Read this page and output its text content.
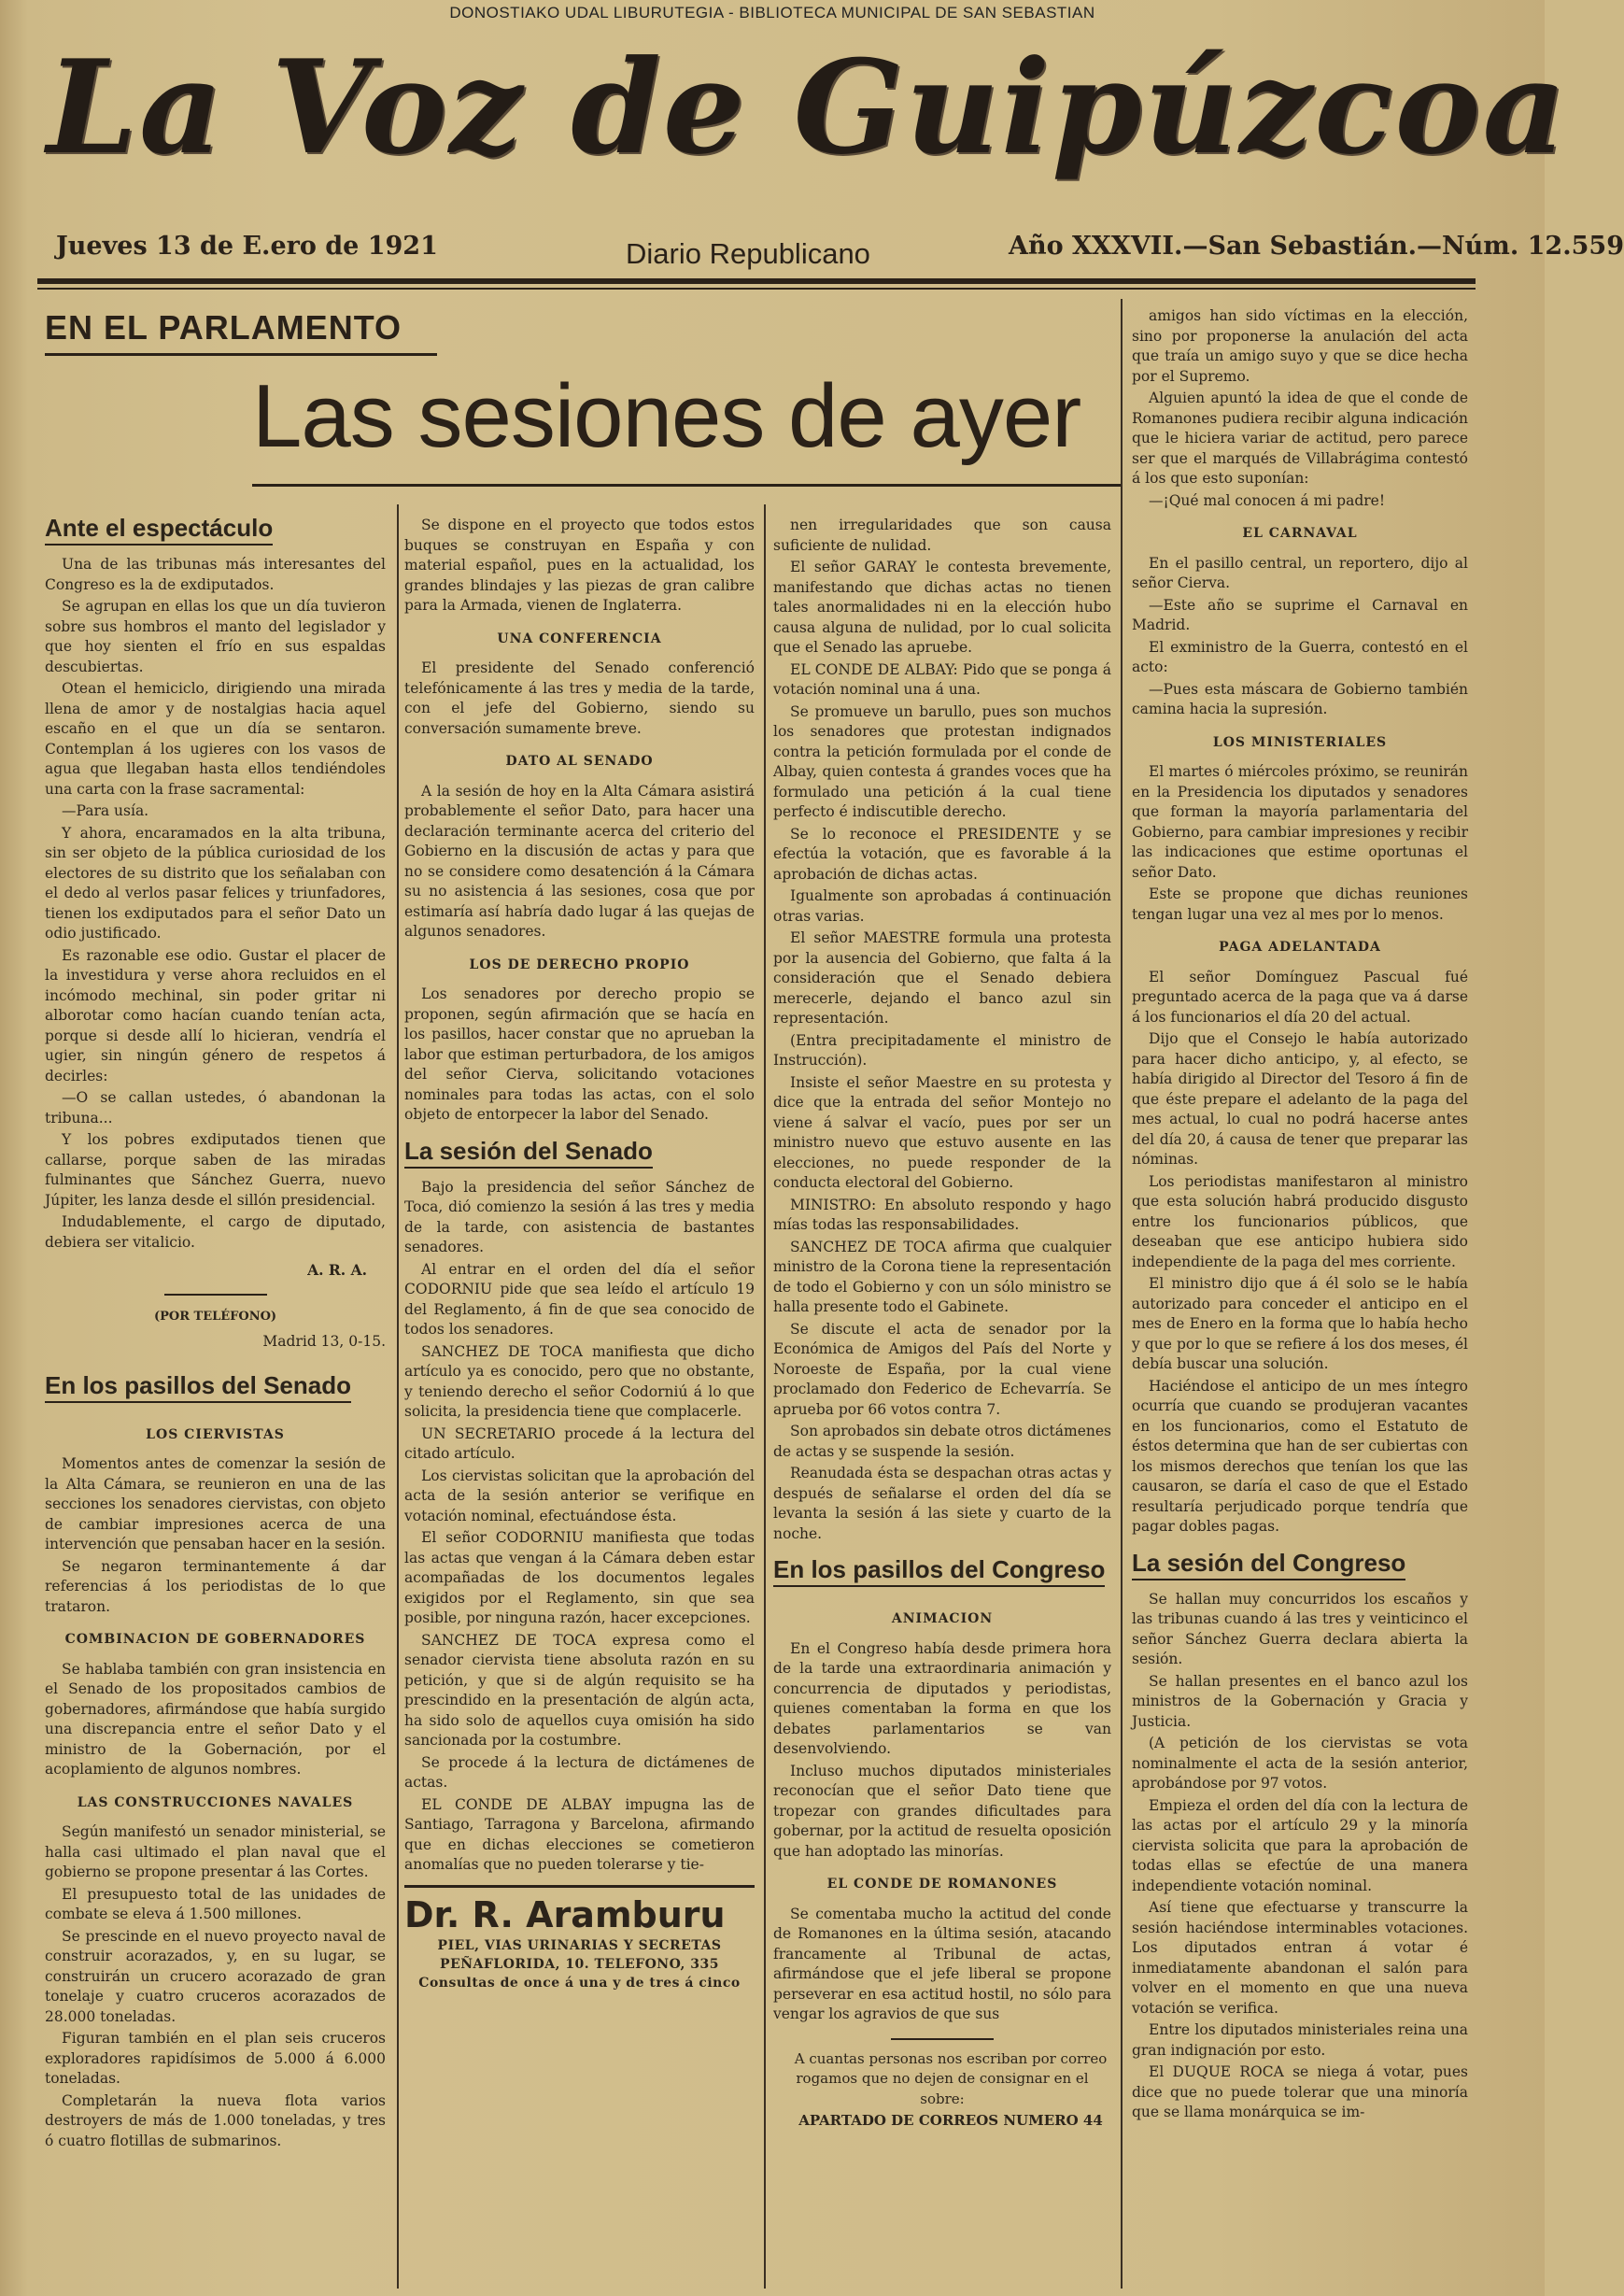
DONOSTIAKO UDAL LIBURUTEGIA - BIBLIOTECA MUNICIPAL DE SAN SEBASTIAN
La Voz de Guipúzcoa
Jueves 13 de E.ero de 1921	Diario Republicano	Año XXXVII.—San Sebastián.—Núm. 12.559
EN EL PARLAMENTO
Las sesiones de ayer
Ante el espectáculo

Una de las tribunas más interesantes del Congreso es la de exdiputados.

Se agrupan en ellas los que un día tuvieron sobre sus hombros el manto del legislador y que hoy sienten el frío en sus espaldas descubiertas.

Otean el hemiciclo, dirigiendo una mirada llena de amor y de nostalgias hacia aquel escaño en el que un día se sentaron. Contemplan á los ugieres con los vasos de agua que llegaban hasta ellos tendiéndoles una carta con la frase sacramental:

—Para usía.

Y ahora, encaramados en la alta tribuna, sin ser objeto de la pública curiosidad de los electores de su distrito que los señalaban con el dedo al verlos pasar felices y triunfadores, tienen los exdiputados para el señor Dato un odio justificado.

Es razonable ese odio. Gustar el placer de la investidura y verse ahora recluidos en el incómodo mechinal, sin poder gritar ni alborotar como hacían cuando tenían acta, porque si desde allí lo hicieran, vendría el ugier, sin ningún género de respetos á decirles:

—O se callan ustedes, ó abandonan la tribuna...

Y los pobres exdiputados tienen que callarse, porque saben de las miradas fulminantes que Sánchez Guerra, nuevo Júpiter, les lanza desde el sillón presidencial.

Indudablemente, el cargo de diputado, debiera ser vitalicio.

A. R. A.
(POR TELÉFONO)
Madrid 13, 0-15.
En los pasillos del Senado
LOS CIERVISTAS

Momentos antes de comenzar la sesión de la Alta Cámara, se reunieron en una de las secciones los senadores ciervistas, con objeto de cambiar impresiones acerca de una intervención que pensaban hacer en la sesión.

Se negaron terminantemente á dar referencias á los periodistas de lo que trataron.

COMBINACION DE GOBERNADORES

Se hablaba también con gran insistencia en el Senado de los propositados cambios de gobernadores, afirmándose que había surgido una discrepancia entre el señor Dato y el ministro de la Gobernación, por el acoplamiento de algunos nombres.

LAS CONSTRUCCIONES NAVALES

Según manifestó un senador ministerial, se halla casi ultimado el plan naval que el gobierno se propone presentar á las Cortes.

El presupuesto total de las unidades de combate se eleva á 1.500 millones.

Se prescinde en el nuevo proyecto naval de construir acorazados, y, en su lugar, se construirán un crucero acorazado de gran tonelaje y cuatro cruceros acorazados de 28.000 toneladas.

Figuran también en el plan seis cruceros exploradores rapidísimos de 5.000 á 6.000 toneladas.

Completarán la nueva flota varios destroyers de más de 1.000 toneladas, y tres ó cuatro flotillas de submarinos.

Se dispone en el proyecto que todos estos buques se construyan en España y con material español, pues en la actualidad, los grandes blindajes y las piezas de gran calibre para la Armada, vienen de Inglaterra.

UNA CONFERENCIA

El presidente del Senado conferenció telefónicamente á las tres y media de la tarde, con el jefe del Gobierno, siendo su conversación sumamente breve.

DATO AL SENADO

A la sesión de hoy en la Alta Cámara asistirá probablemente el señor Dato, para hacer una declaración terminante acerca del criterio del Gobierno en la discusión de actas y para que no se considere como desatención á la Cámara su no asistencia á las sesiones, cosa que por estimaría así habría dado lugar á las quejas de algunos senadores.

LOS DE DERECHO PROPIO

Los senadores por derecho propio se proponen, según afirmación que se hacía en los pasillos, hacer constar que no aprueban la labor que estiman perturbadora, de los amigos del señor Cierva, solicitando votaciones nominales para todas las actas, con el solo objeto de entorpecer la labor del Senado.

La sesión del Senado

Bajo la presidencia del señor Sánchez de Toca, dió comienzo la sesión á las tres y media de la tarde, con asistencia de bastantes senadores.

Al entrar en el orden del día el señor CODORNIU pide que sea leído el artículo 19 del Reglamento, á fin de que sea conocido de todos los senadores.

SANCHEZ DE TOCA manifiesta que dicho artículo ya es conocido, pero que no obstante, y teniendo derecho el señor Codorniú á lo que solicita, la presidencia tiene que complacerle.

UN SECRETARIO procede á la lectura del citado artículo.

Los ciervistas solicitan que la aprobación del acta de la sesión anterior se verifique en votación nominal, efectuándose ésta.

El señor CODORNIU manifiesta que todas las actas que vengan á la Cámara deben estar acompañadas de los documentos legales exigidos por el Reglamento, sin que sea posible, por ninguna razón, hacer excepciones.

SANCHEZ DE TOCA expresa como el senador ciervista tiene absoluta razón en su petición, y que si de algún requisito se ha prescindido en la presentación de algún acta, ha sido solo de aquellos cuya omisión ha sido sancionada por la costumbre.

Se procede á la lectura de dictámenes de actas.

EL CONDE DE ALBAY impugna las de Santiago, Tarragona y Barcelona, afirmando que en dichas elecciones se cometieron anomalías que no pueden tolerarse y tie-

Dr. R. Aramburu
PIEL, VIAS URINARIAS Y SECRETAS
PEÑAFLORIDA, 10. TELEFONO, 335
Consultas de once á una y de tres á cinco

nen irregularidades que son causa suficiente de nulidad.

El señor GARAY le contesta brevemente, manifestando que dichas actas no tienen tales anormalidades ni en la elección hubo causa alguna de nulidad, por lo cual solicita que el Senado las apruebe.

EL CONDE DE ALBAY: Pido que se ponga á votación nominal una á una.

Se promueve un barullo, pues son muchos los senadores que protestan indignados contra la petición formulada por el conde de Albay, quien contesta á grandes voces que ha formulado una petición á la cual tiene perfecto é indiscutible derecho.

Se lo reconoce el PRESIDENTE y se efectúa la votación, que es favorable á la aprobación de dichas actas.

Igualmente son aprobadas á continuación otras varias.

El señor MAESTRE formula una protesta por la ausencia del Gobierno, que falta á la consideración que el Senado debiera merecerle, dejando el banco azul sin representación.

(Entra precipitadamente el ministro de Instrucción).

Insiste el señor Maestre en su protesta y dice que la entrada del señor Montejo no viene á salvar el vacío, pues por ser un ministro nuevo que estuvo ausente en las elecciones, no puede responder de la conducta electoral del Gobierno.

MINISTRO: En absoluto respondo y hago mías todas las responsabilidades.

SANCHEZ DE TOCA afirma que cualquier ministro de la Corona tiene la representación de todo el Gobierno y con un sólo ministro se halla presente todo el Gabinete.

Se discute el acta de senador por la Económica de Amigos del País del Norte y Noroeste de España, por la cual viene proclamado don Federico de Echevarría. Se aprueba por 66 votos contra 7.

Son aprobados sin debate otros dictámenes de actas y se suspende la sesión.

Reanudada ésta se despachan otras actas y después de señalarse el orden del día se levanta la sesión á las siete y cuarto de la noche.

En los pasillos del Congreso
ANIMACION

En el Congreso había desde primera hora de la tarde una extraordinaria animación y concurrencia de diputados y periodistas, quienes comentaban la forma en que los debates parlamentarios se van desenvolviendo.

Incluso muchos diputados ministeriales reconocían que el señor Dato tiene que tropezar con grandes dificultades para gobernar, por la actitud de resuelta oposición que han adoptado las minorías.

EL CONDE DE ROMANONES

Se comentaba mucho la actitud del conde de Romanones en la última sesión, atacando francamente al Tribunal de actas, afirmándose que el jefe liberal se propone perseverar en esa actitud hostil, no sólo para vengar los agravios de que sus

A cuantas personas nos escriban por correo rogamos que no dejen de consignar en el sobre:

APARTADO DE CORREOS NUMERO 44

amigos han sido víctimas en la elección, sino por proponerse la anulación del acta que traía un amigo suyo y que se dice hecha por el Supremo.

Alguien apuntó la idea de que el conde de Romanones pudiera recibir alguna indicación que le hiciera variar de actitud, pero parece ser que el marqués de Villabrágima contestó á los que esto suponían:

—¡Qué mal conocen á mi padre!

EL CARNAVAL

En el pasillo central, un reportero, dijo al señor Cierva.

—Este año se suprime el Carnaval en Madrid.

El exministro de la Guerra, contestó en el acto:

—Pues esta máscara de Gobierno también camina hacia la supresión.

LOS MINISTERIALES

El martes ó miércoles próximo, se reunirán en la Presidencia los diputados y senadores que forman la mayoría parlamentaria del Gobierno, para cambiar impresiones y recibir las indicaciones que estime oportunas el señor Dato.

Este se propone que dichas reuniones tengan lugar una vez al mes por lo menos.

PAGA ADELANTADA

El señor Domínguez Pascual fué preguntado acerca de la paga que va á darse á los funcionarios el día 20 del actual.

Dijo que el Consejo le había autorizado para hacer dicho anticipo, y, al efecto, se había dirigido al Director del Tesoro á fin de que éste prepare el adelanto de la paga del mes actual, lo cual no podrá hacerse antes del día 20, á causa de tener que preparar las nóminas.

Los periodistas manifestaron al ministro que esta solución habrá producido disgusto entre los funcionarios públicos, que deseaban que ese anticipo hubiera sido independiente de la paga del mes corriente.

El ministro dijo que á él solo se le había autorizado para conceder el anticipo en el mes de Enero en la forma que lo había hecho y que por lo que se refiere á los dos meses, él debía buscar una solución.

Haciéndose el anticipo de un mes íntegro ocurría que cuando se produjeran vacantes en los funcionarios, como el Estatuto de éstos determina que han de ser cubiertas con los mismos derechos que tenían los que las causaron, se daría el caso de que el Estado resultaría perjudicado porque tendría que pagar dobles pagas.

La sesión del Congreso

Se hallan muy concurridos los escaños y las tribunas cuando á las tres y veinticinco el señor Sánchez Guerra declara abierta la sesión.

Se hallan presentes en el banco azul los ministros de la Gobernación y Gracia y Justicia.

(A petición de los ciervistas se vota nominalmente el acta de la sesión anterior, aprobándose por 97 votos.

Empieza el orden del día con la lectura de las actas por el artículo 29 y la minoría ciervista solicita que para la aprobación de todas ellas se efectúe de una manera independiente votación nominal.

Así tiene que efectuarse y transcurre la sesión haciéndose interminables votaciones. Los diputados entran á votar é inmediatamente abandonan el salón para volver en el momento en que una nueva votación se verifica.

Entre los diputados ministeriales reina una gran indignación por esto.

El DUQUE ROCA se niega á votar, pues dice que no puede tolerar que una minoría que se llama monárquica se im-
